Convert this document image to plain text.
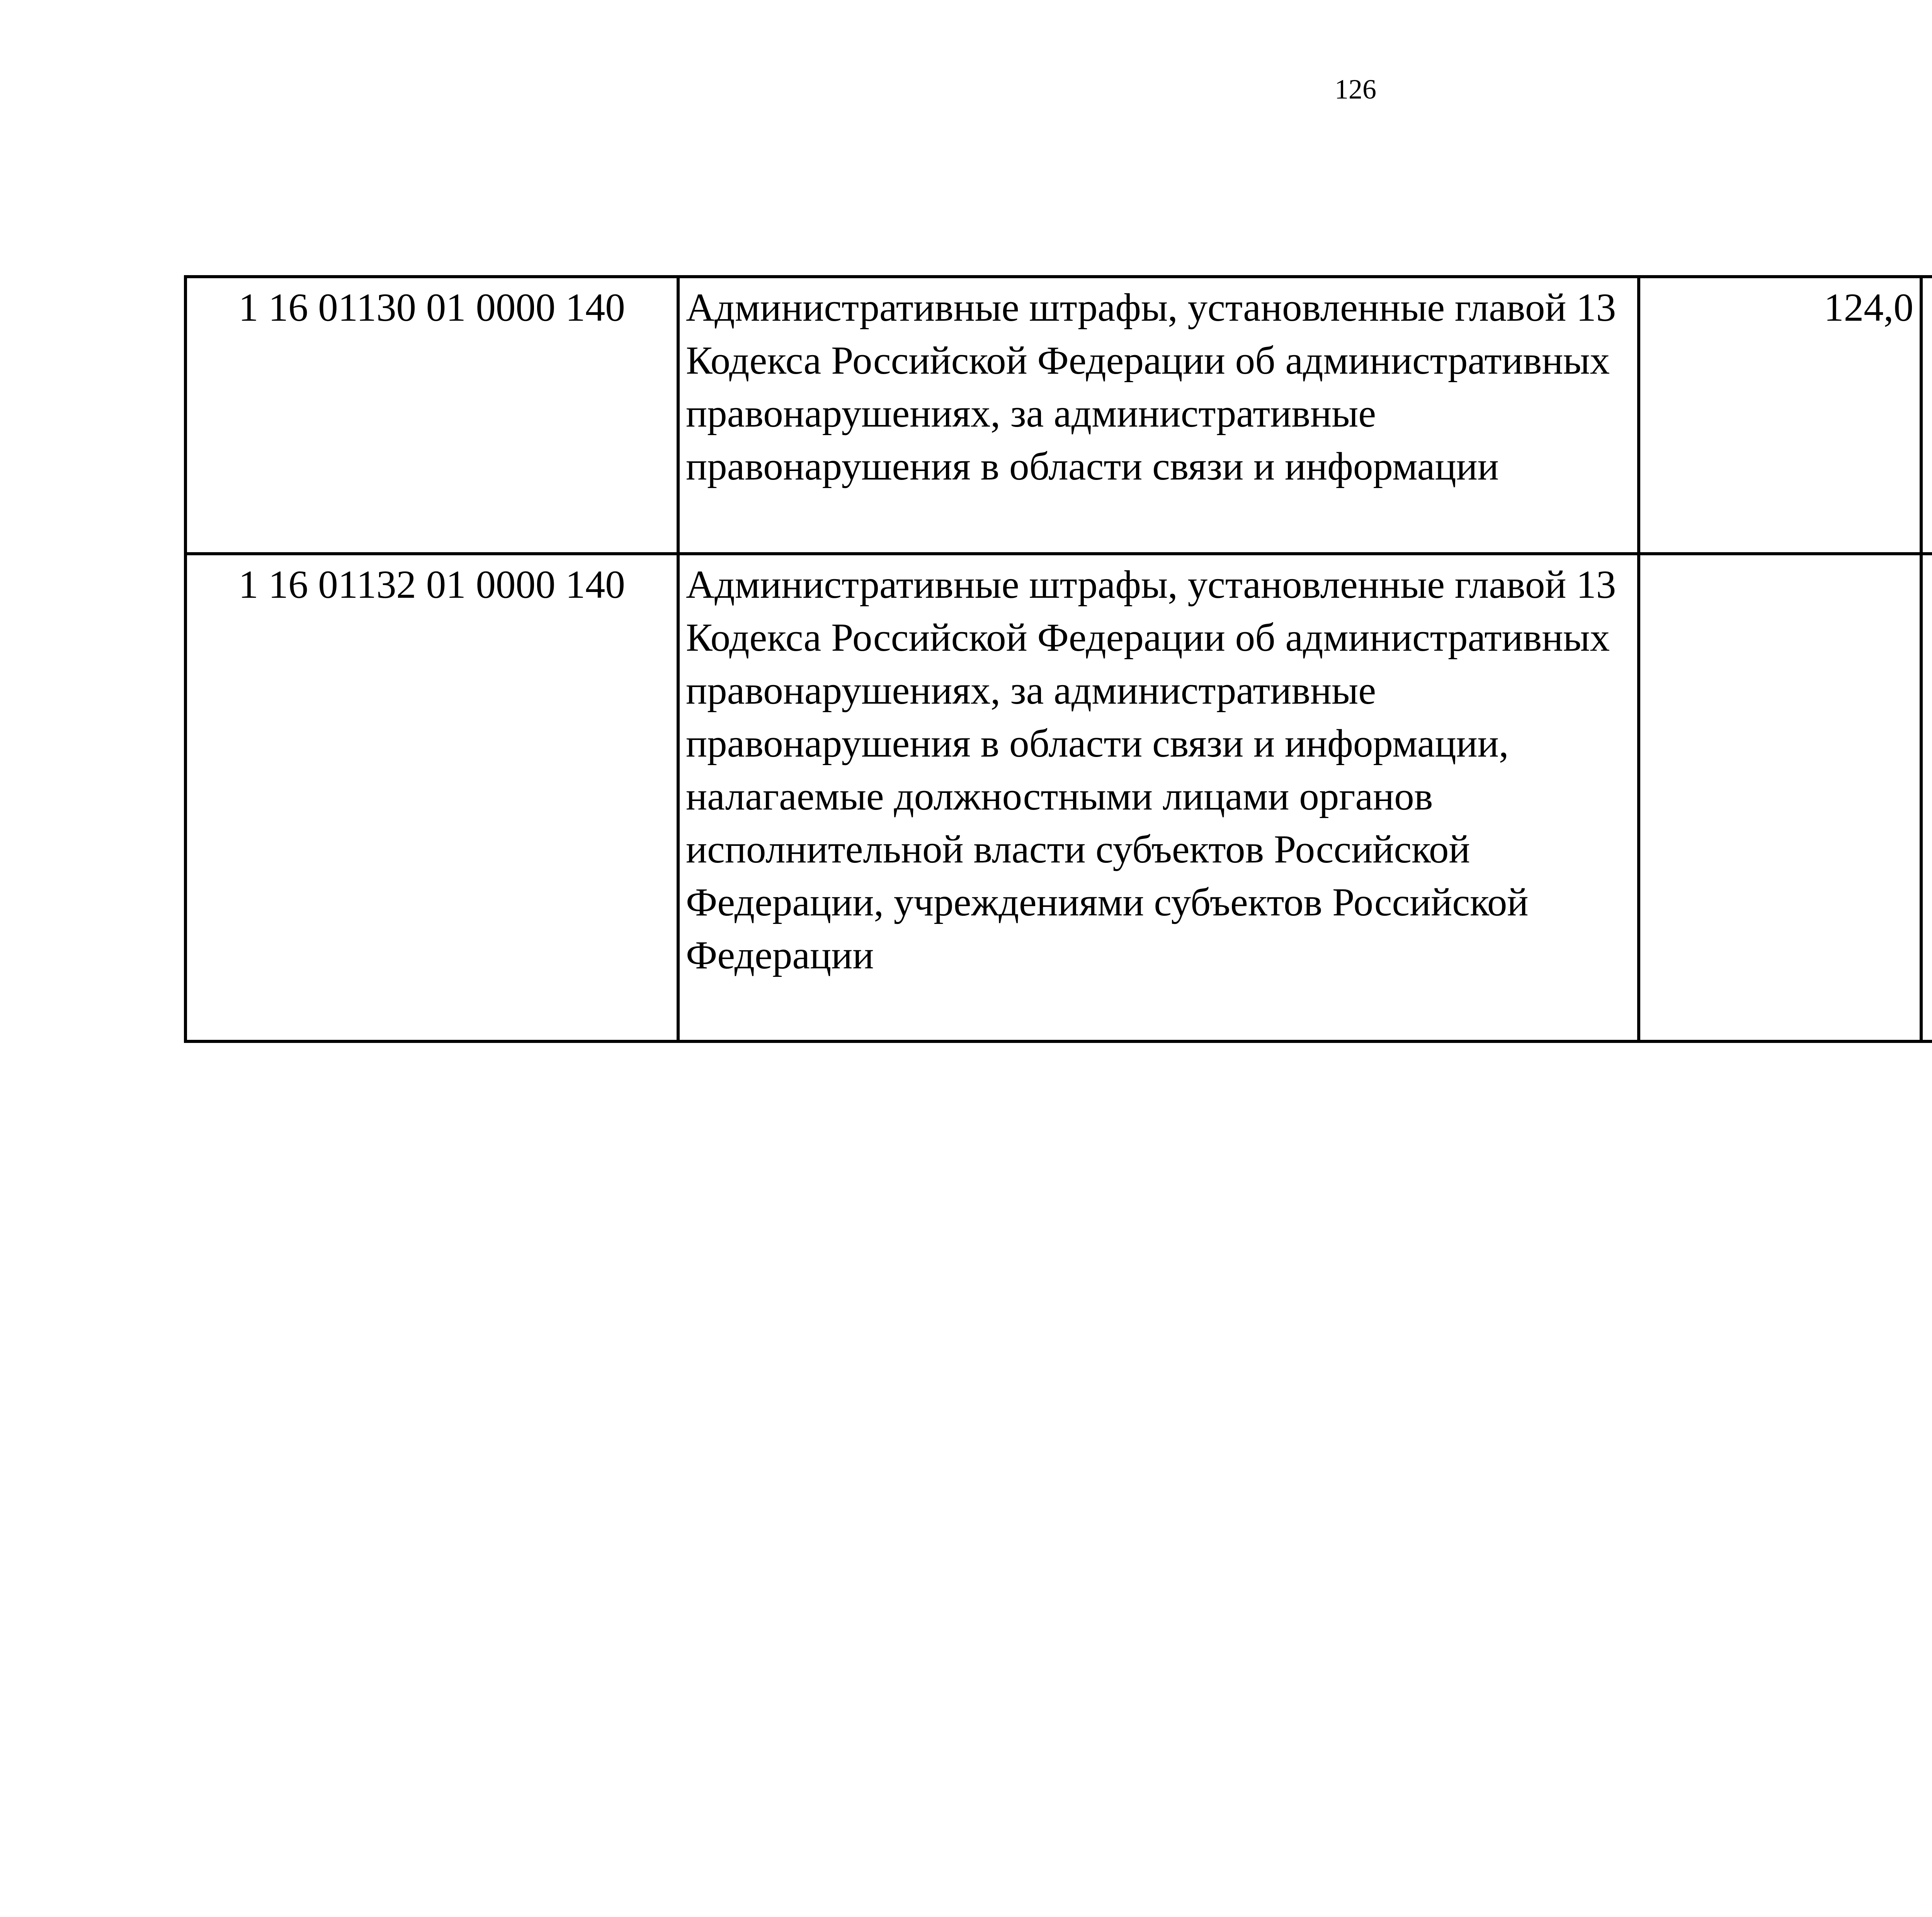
126
1 16 01130 01 0000 140	Административные штрафы, установленные главой 13 Кодекса Российской Федерации об административных правонарушениях, за административные правонарушения в области связи и информации	124,0		
1 16 01132 01 0000 140	Административные штрафы, установленные главой 13 Кодекса Российской Федерации об административных правонарушениях, за административные правонарушения в области связи и информации, налагаемые должностными лицами органов исполнительной власти субъектов Российской Федерации, учреждениями субъектов Российской Федерации			
